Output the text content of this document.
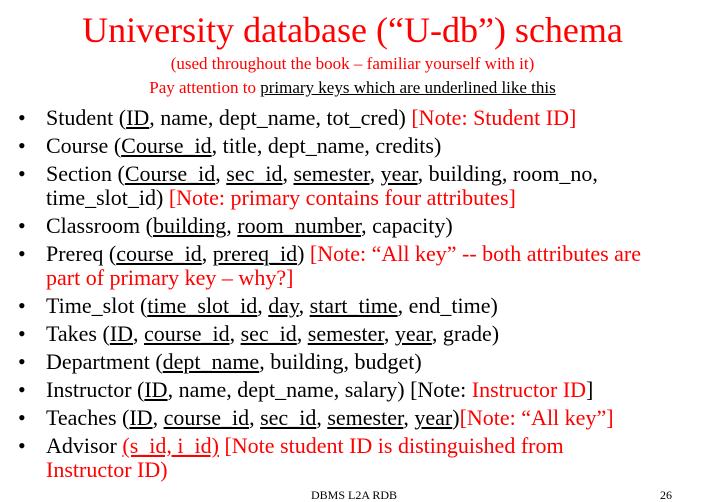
University database (“U-db”) schema
(used throughout the book – familiar yourself with it)
Pay attention to primary keys which are underlined like this
• Student (ID, name, dept_name, tot_cred) [Note: Student ID]
• Course (Course_id, title, dept_name, credits)
• Section (Course_id, sec_id, semester, year, building, room_no,
time_slot_id) [Note: primary contains four attributes]
• Classroom (building, room_number, capacity)
• Prereq (course_id, prereq_id) [Note: “All key” -- both attributes are
part of primary key – why?]
• Time_slot (time_slot_id, day, start_time, end_time)
• Takes (ID, course_id, sec_id, semester, year, grade)
• Department (dept_name, building, budget)
• Instructor (ID, name, dept_name, salary) [Note: Instructor ID]
• Teaches (ID, course_id, sec_id, semester, year)[Note: “All key”]
• Advisor (s_id, i_id) [Note student ID is distinguished from
Instructor ID)
DBMS L2A RDB	26
